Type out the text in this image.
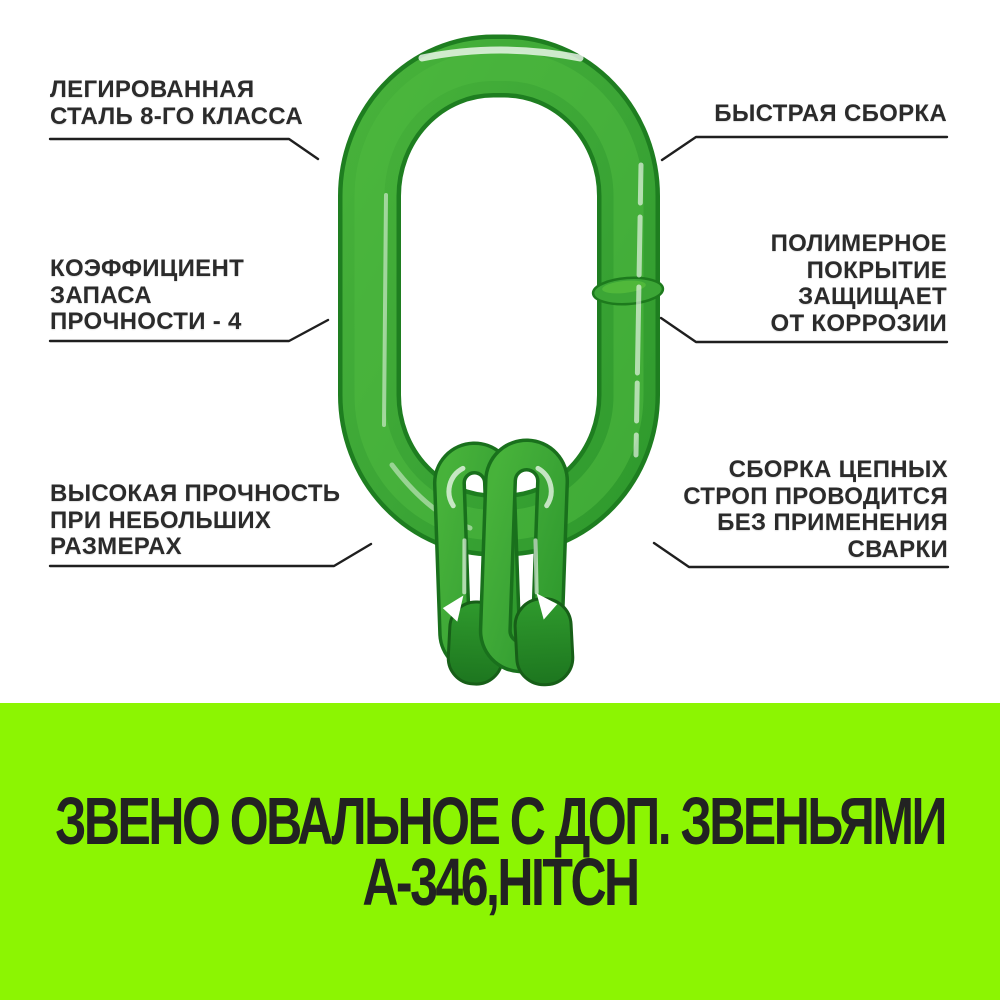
ЛЕГИРОВАННАЯ
СТАЛЬ 8-ГО КЛАССА	БЫСТРАЯ СБОРКА
КОЭФФИЦИЕНТ
ЗАПАСА
ПРОЧНОСТИ - 4
ПОЛИМЕРНОЕ
ПОКРЫТИЕ
ЗАЩИЩАЕТ
ОТ КОРРОЗИИ
ВЫСОКАЯ ПРОЧНОСТЬ
ПРИ НЕБОЛЬШИХ
РАЗМЕРАХ
СБОРКА ЦЕПНЫХ
СТРОП ПРОВОДИТСЯ
БЕЗ ПРИМЕНЕНИЯ
СВАРКИ
ЗВЕНО ОВАЛЬНОЕ С ДОП. ЗВЕНЬЯМИ
А-346,HITCH
